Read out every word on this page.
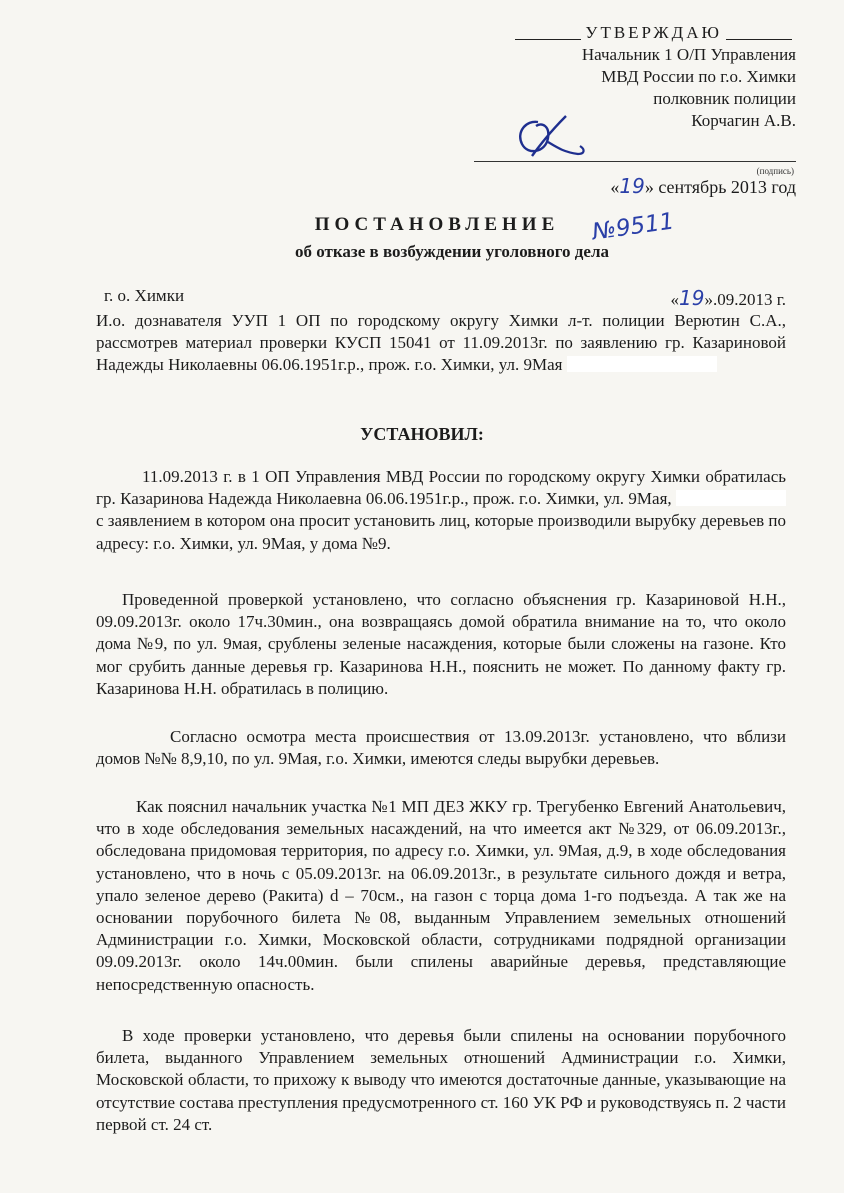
УТВЕРЖДАЮ
Начальник 1 О/П Управления
МВД России по г.о. Химки
полковник полиции
Корчагин А.В.
(подпись)
«19» сентябрь 2013 год
ПОСТАНОВЛЕНИЕ	№9511
об отказе в возбуждении уголовного дела
г. о. Химки	«19».09.2013 г.

И.о. дознавателя УУП 1 ОП по городскому округу Химки л-т. полиции Верютин С.А., рассмотрев материал проверки КУСП 15041 от 11.09.2013г. по заявлению гр. Казариновой Надежды Николаевны 06.06.1951г.р., прож. г.о. Химки, ул. 9Мая

УСТАНОВИЛ:

11.09.2013 г. в 1 ОП Управления МВД России по городскому округу Химки обратилась гр. Казаринова Надежда Николаевна 06.06.1951г.р., прож. г.о. Химки, ул. 9Мая,  с заявлением в котором она просит установить лиц, которые производили вырубку деревьев по адресу: г.о. Химки, ул. 9Мая, у дома №9.

Проведенной проверкой установлено, что согласно объяснения гр. Казариновой Н.Н., 09.09.2013г. около 17ч.30мин., она возвращаясь домой обратила внимание на то, что около дома №9, по ул. 9мая, срублены зеленые насаждения, которые были сложены на газоне. Кто мог срубить данные деревья гр. Казаринова Н.Н., пояснить не может. По данному факту гр. Казаринова Н.Н. обратилась в полицию.

Согласно осмотра места происшествия от 13.09.2013г. установлено, что вблизи домов №№ 8,9,10, по ул. 9Мая, г.о. Химки, имеются следы вырубки деревьев.

Как пояснил начальник участка №1 МП ДЕЗ ЖКУ гр. Трегубенко Евгений Анатольевич, что в ходе обследования земельных насаждений, на что имеется акт №329, от 06.09.2013г., обследована придомовая территория, по адресу г.о. Химки, ул. 9Мая, д.9, в ходе обследования установлено, что в ночь с 05.09.2013г. на 06.09.2013г., в результате сильного дождя и ветра, упало зеленое дерево (Ракита) d – 70см., на газон с торца дома 1-го подъезда. А так же на основании порубочного билета №08, выданным Управлением земельных отношений Администрации г.о. Химки, Московской области, сотрудниками подрядной организации 09.09.2013г. около 14ч.00мин. были спилены аварийные деревья, представляющие непосредственную опасность.

В ходе проверки установлено, что деревья были спилены на основании порубочного билета, выданного Управлением земельных отношений Администрации г.о. Химки, Московской области, то прихожу к выводу что имеются достаточные данные, указывающие на отсутствие состава преступления предусмотренного ст. 160 УК РФ и руководствуясь п. 2 части первой ст. 24 ст.
